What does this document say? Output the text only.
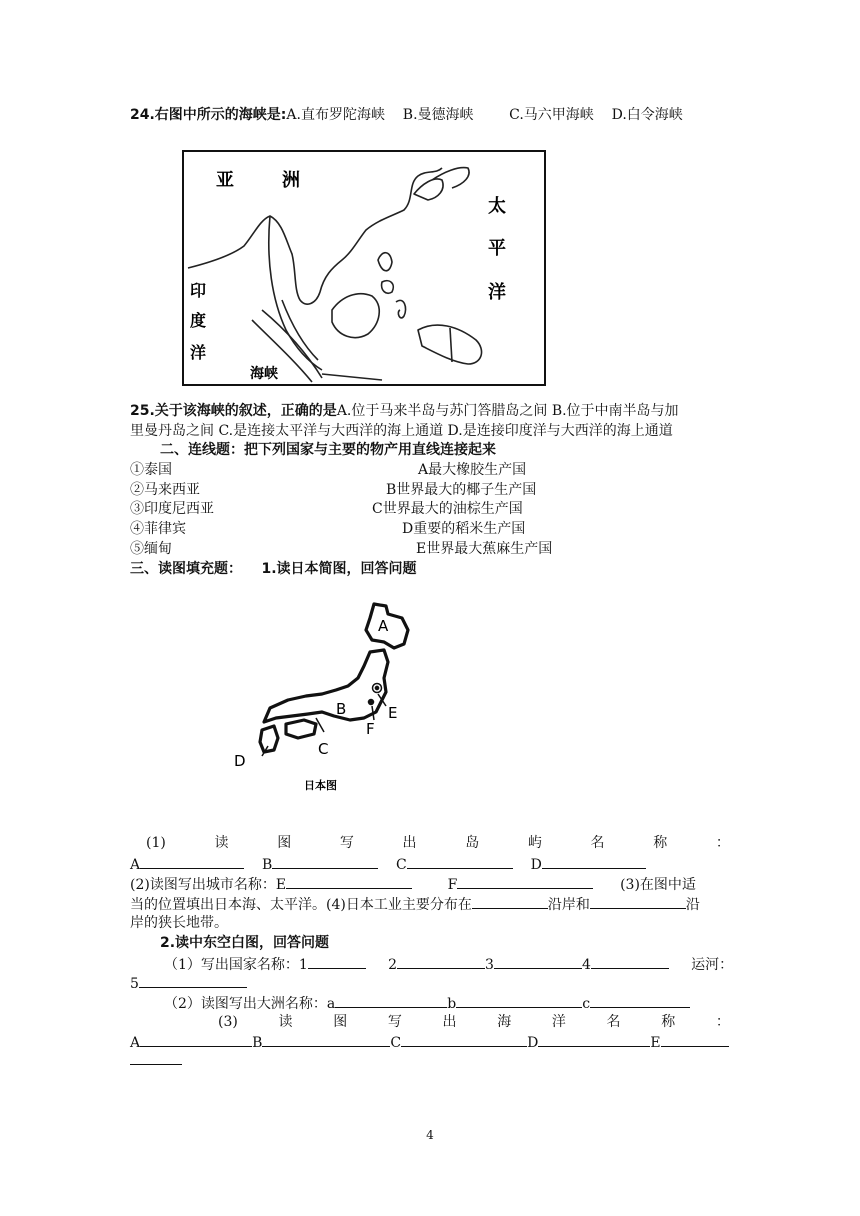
24.右图中所示的海峡是:A.直布罗陀海峡 B.曼德海峡	C.马六甲海峡 D.白令海峡
亚	洲
太
平
洋
印
度
洋
海峡
25.关于该海峡的叙述，正确的是A.位于马来半岛与苏门答腊岛之间 B.位于中南半岛与加
里曼丹岛之间 C.是连接太平洋与大西洋的海上通道 D.是连接印度洋与大西洋的海上通道
二、连线题：把下列国家与主要的物产用直线连接起来
①泰国	A最大橡胶生产国
②马来西亚	B世界最大的椰子生产国
③印度尼西亚	C世界最大的油棕生产国
④菲律宾	D重要的稻米生产国
⑤缅甸	E世界最大蕉麻生产国
三、读图填充题： 1.读日本简图，回答问题
A
B
C
D
E
F
日本图
(1)	读	图	写	出	岛	屿	名	称	：
A	B	C	D
(2)读图写出城市名称：E	F	(3)在图中适
当的位置填出日本海、太平洋。(4)日本工业主要分布在	沿岸和	沿
岸的狭长地带。
2.读中东空白图，回答问题
（1）写出国家名称：1	2	3	4	运河：
5
（2）读图写出大洲名称：a	b	c
(3)	读	图	写	出	海	洋	名	称	：
A	B	C	D	E
4
